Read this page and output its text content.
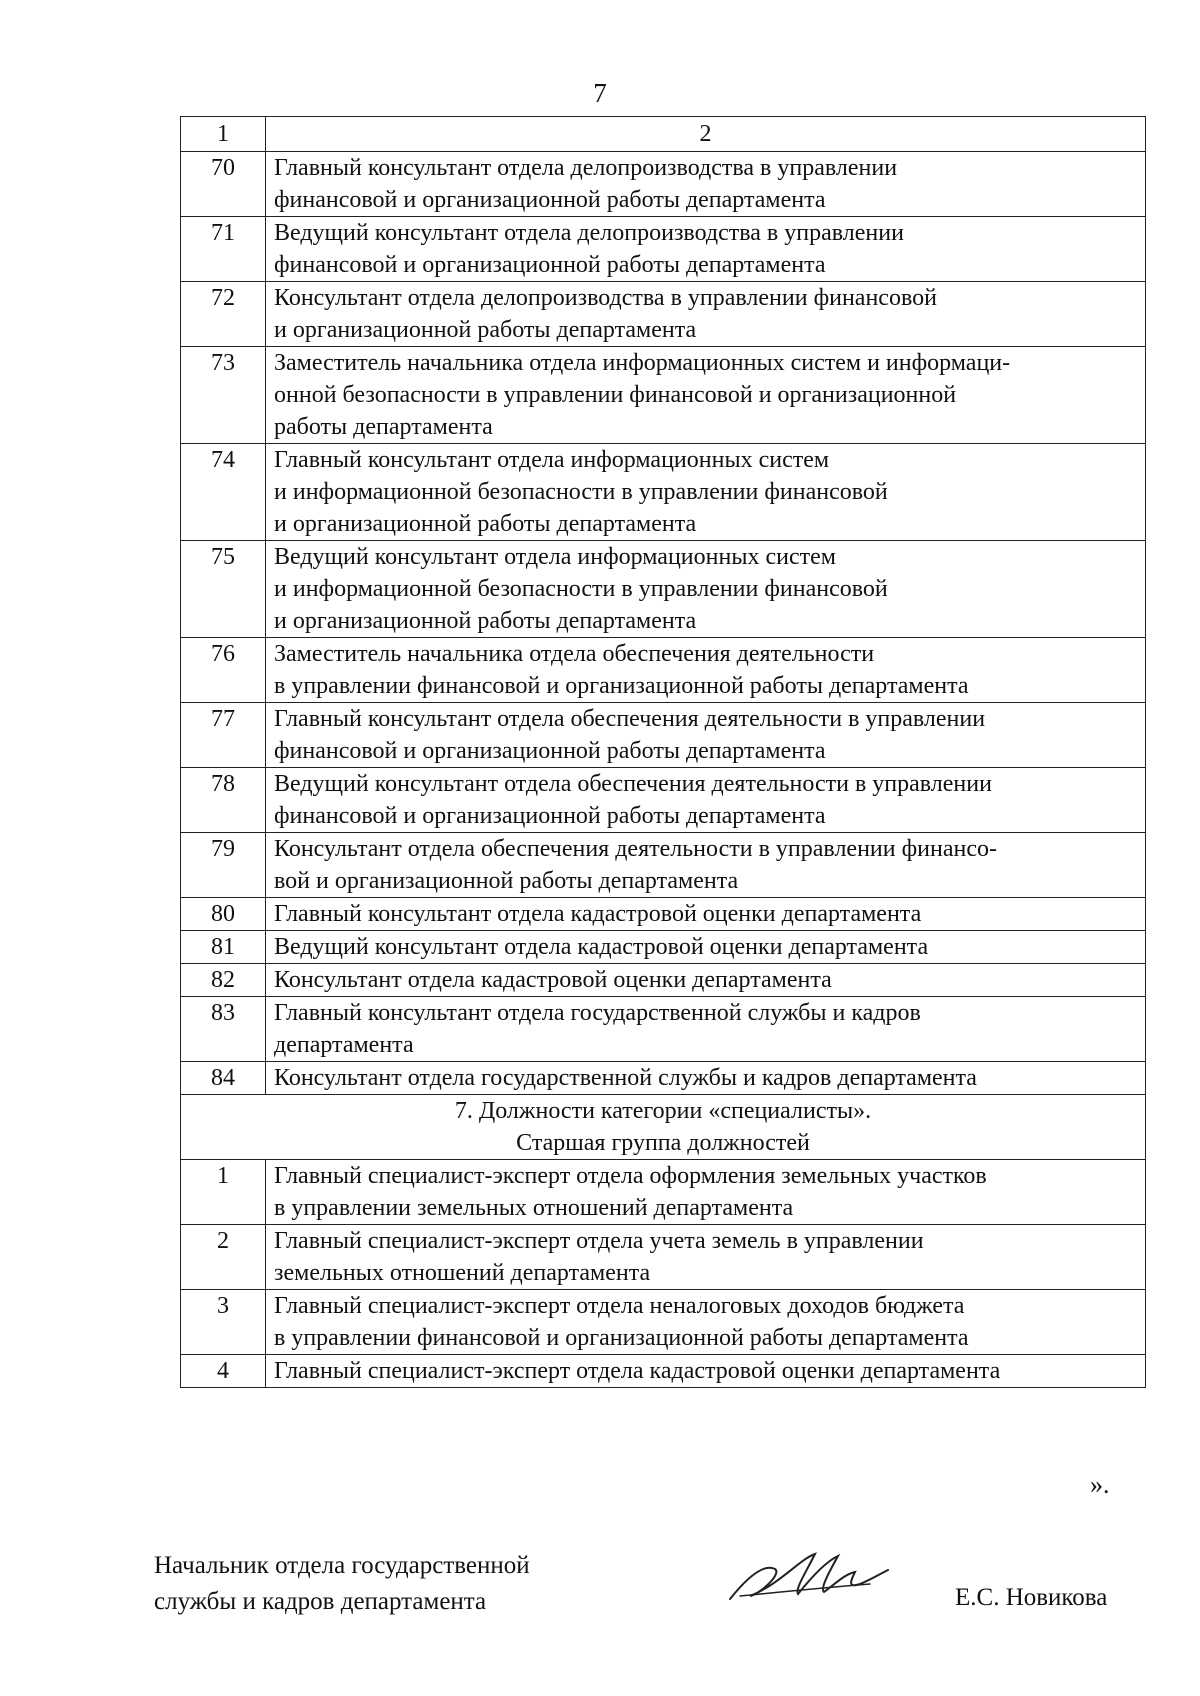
7
1	2
70	Главный консультант отдела делопроизводства в управлении
финансовой и организационной работы департамента
71	Ведущий консультант отдела делопроизводства в управлении
финансовой и организационной работы департамента
72	Консультант отдела делопроизводства в управлении финансовой
и организационной работы департамента
73	Заместитель начальника отдела информационных систем и информаци-
онной безопасности в управлении финансовой и организационной
работы департамента
74	Главный консультант отдела информационных систем
и информационной безопасности в управлении финансовой
и организационной работы департамента
75	Ведущий консультант отдела информационных систем
и информационной безопасности в управлении финансовой
и организационной работы департамента
76	Заместитель начальника отдела обеспечения деятельности
в управлении финансовой и организационной работы департамента
77	Главный консультант отдела обеспечения деятельности в управлении
финансовой и организационной работы департамента
78	Ведущий консультант отдела обеспечения деятельности в управлении
финансовой и организационной работы департамента
79	Консультант отдела обеспечения деятельности в управлении финансо-
вой и организационной работы департамента
80	Главный консультант отдела кадастровой оценки департамента
81	Ведущий консультант отдела кадастровой оценки департамента
82	Консультант отдела кадастровой оценки департамента
83	Главный консультант отдела государственной службы и кадров
департамента
84	Консультант отдела государственной службы и кадров департамента

7. Должности категории «специалисты».
Старшая группа должностей	

1	Главный специалист-эксперт отдела оформления земельных участков
в управлении земельных отношений департамента
2	Главный специалист-эксперт отдела учета земель в управлении
земельных отношений департамента
3	Главный специалист-эксперт отдела неналоговых доходов бюджета
в управлении финансовой и организационной работы департамента
4	Главный специалист-эксперт отдела кадастровой оценки департамента
».
Начальник отдела государственной
службы и кадров департамента	Е.С. Новикова
